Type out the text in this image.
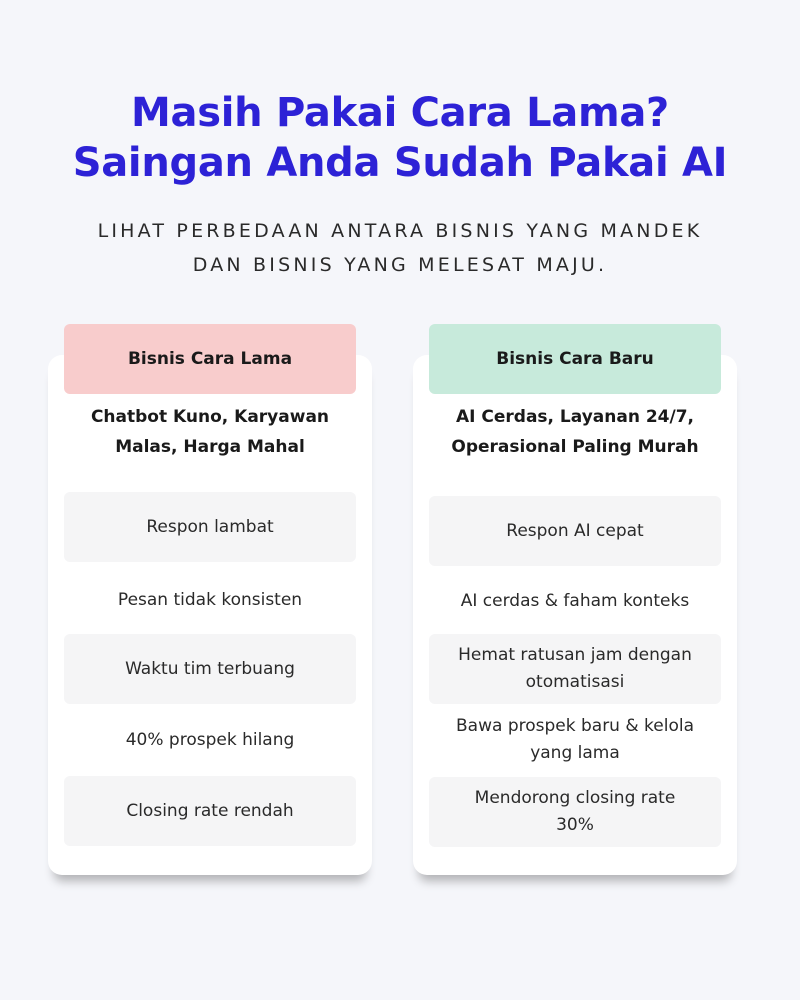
Masih Pakai Cara Lama?
Saingan Anda Sudah Pakai AI
LIHAT PERBEDAAN ANTARA BISNIS YANG MANDEK
DAN BISNIS YANG MELESAT MAJU.
Bisnis Cara Lama
Chatbot Kuno, Karyawan
Malas, Harga Mahal
Respon lambat
Pesan tidak konsisten
Waktu tim terbuang
40% prospek hilang
Closing rate rendah
Bisnis Cara Baru
AI Cerdas, Layanan 24/7,
Operasional Paling Murah
Respon AI cepat
AI cerdas & faham konteks
Hemat ratusan jam dengan
otomatisasi
Bawa prospek baru & kelola
yang lama
Mendorong closing rate
30%
